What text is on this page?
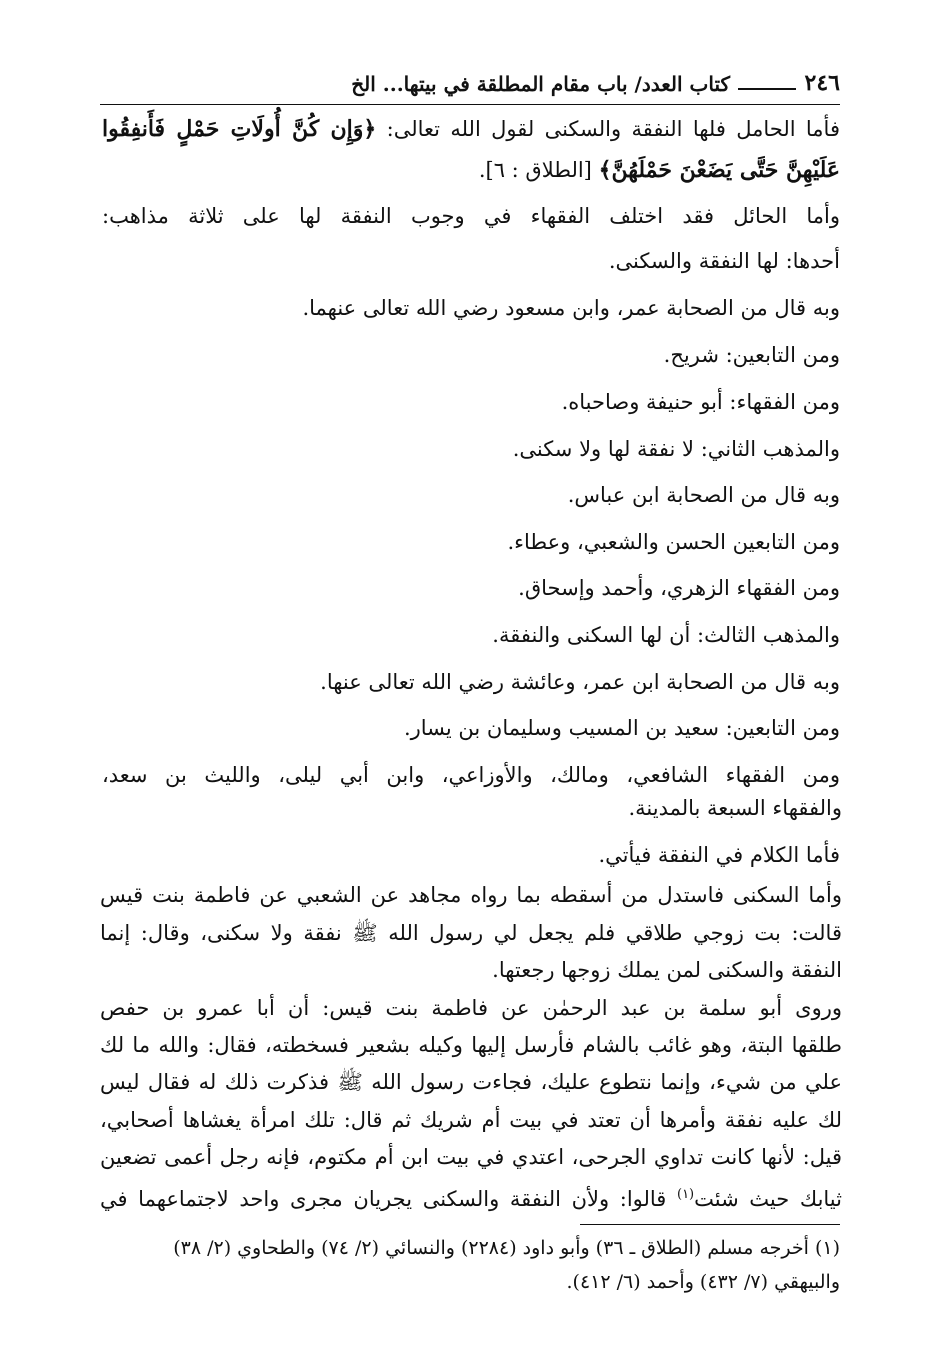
٢٤٦
كتاب العدد/ باب مقام المطلقة في بيتها... الخ
فأما الحامل فلها النفقة والسكنى لقول الله تعالى: ﴿وَإِن كُنَّ أُولَاتِ حَمْلٍ فَأَنفِقُوا
عَلَيْهِنَّ حَتَّى يَضَعْنَ حَمْلَهُنَّ﴾ [الطلاق : ٦].
وأما الحائل فقد اختلف الفقهاء في وجوب النفقة لها على ثلاثة مذاهب:
أحدها: لها النفقة والسكنى.
وبه قال من الصحابة عمر، وابن مسعود رضي الله تعالى عنهما.
ومن التابعين: شريح.
ومن الفقهاء: أبو حنيفة وصاحباه.
والمذهب الثاني: لا نفقة لها ولا سكنى.
وبه قال من الصحابة ابن عباس.
ومن التابعين الحسن والشعبي، وعطاء.
ومن الفقهاء الزهري، وأحمد وإسحاق.
والمذهب الثالث: أن لها السكنى والنفقة.
وبه قال من الصحابة ابن عمر، وعائشة رضي الله تعالى عنها.
ومن التابعين: سعيد بن المسيب وسليمان بن يسار.
ومن الفقهاء الشافعي، ومالك، والأوزاعي، وابن أبي ليلى، والليث بن سعد،
والفقهاء السبعة بالمدينة.
فأما الكلام في النفقة فيأتي.
وأما السكنى فاستدل من أسقطه بما رواه مجاهد عن الشعبي عن فاطمة بنت قيس
قالت: بت زوجي طلاقي فلم يجعل لي رسول الله ﷺ نفقة ولا سكنى، وقال: إنما
النفقة والسكنى لمن يملك زوجها رجعتها.
وروى أبو سلمة بن عبد الرحمٰن عن فاطمة بنت قيس: أن أبا عمرو بن حفص
طلقها البتة، وهو غائب بالشام فأرسل إليها وكيله بشعير فسخطته، فقال: والله ما لك
علي من شيء، وإنما نتطوع عليك، فجاءت رسول الله ﷺ فذكرت ذلك له فقال ليس
لك عليه نفقة وأمرها أن تعتد في بيت أم شريك ثم قال: تلك امرأة يغشاها أصحابي،
قيل: لأنها كانت تداوي الجرحى، اعتدي في بيت ابن أم مكتوم، فإنه رجل أعمى تضعين
ثيابك حيث شئت$^{(١)}$ قالوا: ولأن النفقة والسكنى يجريان مجرى واحد لاجتماعهما في
(١) أخرجه مسلم (الطلاق ـ ٣٦) وأبو داود (٢٢٨٤) والنسائي (٢/ ٧٤) والطحاوي (٢/ ٣٨)
والبيهقي (٧/ ٤٣٢) وأحمد (٦/ ٤١٢).
